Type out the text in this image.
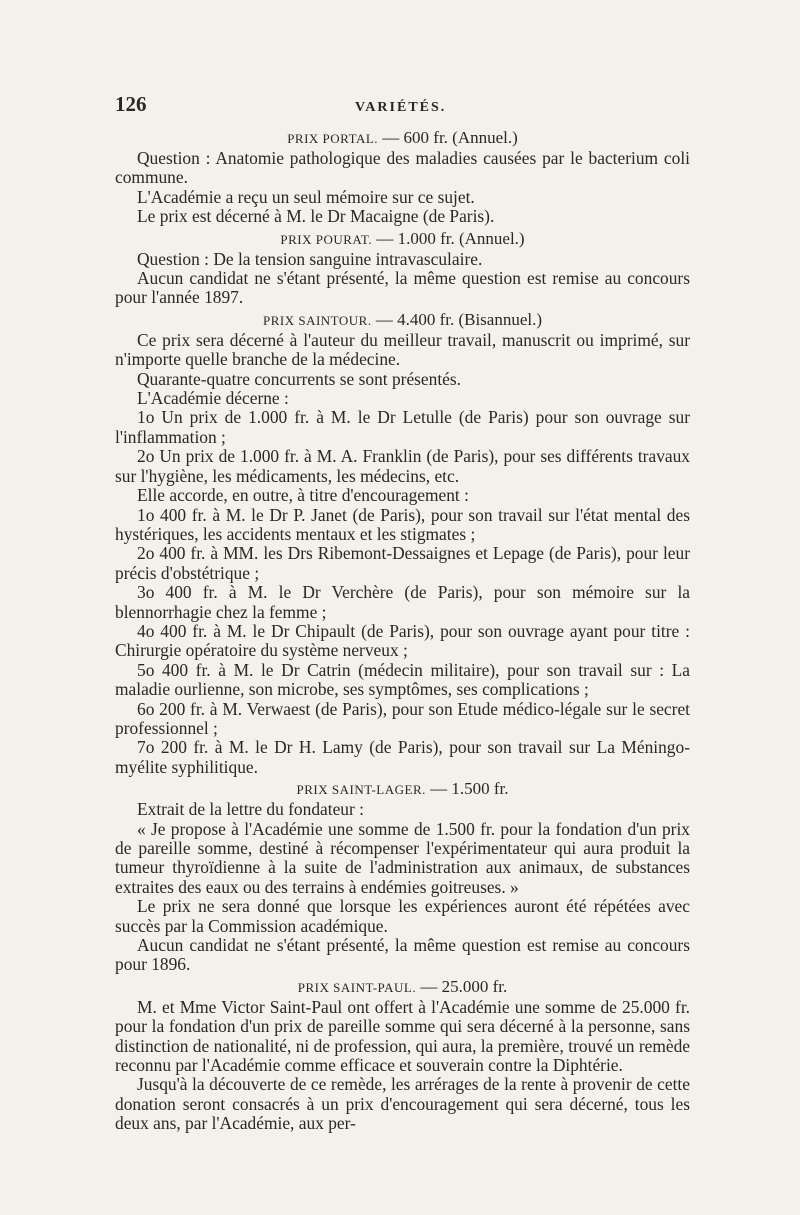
126	VARIÉTÉS.
PRIX PORTAL. — 600 fr. (Annuel.)

Question : Anatomie pathologique des maladies causées par le bacterium coli commune.

L'Académie a reçu un seul mémoire sur ce sujet.

Le prix est décerné à M. le Dr Macaigne (de Paris).

PRIX POURAT. — 1.000 fr. (Annuel.)

Question : De la tension sanguine intravasculaire.

Aucun candidat ne s'étant présenté, la même question est remise au concours pour l'année 1897.

PRIX SAINTOUR. — 4.400 fr. (Bisannuel.)

Ce prix sera décerné à l'auteur du meilleur travail, manuscrit ou imprimé, sur n'importe quelle branche de la médecine.

Quarante-quatre concurrents se sont présentés.

L'Académie décerne :

1o Un prix de 1.000 fr. à M. le Dr Letulle (de Paris) pour son ouvrage sur l'inflammation ;

2o Un prix de 1.000 fr. à M. A. Franklin (de Paris), pour ses différents travaux sur l'hygiène, les médicaments, les médecins, etc.

Elle accorde, en outre, à titre d'encouragement :

1o 400 fr. à M. le Dr P. Janet (de Paris), pour son travail sur l'état mental des hystériques, les accidents mentaux et les stigmates ;

2o 400 fr. à MM. les Drs Ribemont-Dessaignes et Lepage (de Paris), pour leur précis d'obstétrique ;

3o 400 fr. à M. le Dr Verchère (de Paris), pour son mémoire sur la blennorrhagie chez la femme ;

4o 400 fr. à M. le Dr Chipault (de Paris), pour son ouvrage ayant pour titre : Chirurgie opératoire du système nerveux ;

5o 400 fr. à M. le Dr Catrin (médecin militaire), pour son travail sur : La maladie ourlienne, son microbe, ses symptômes, ses complications ;

6o 200 fr. à M. Verwaest (de Paris), pour son Etude médico-légale sur le secret professionnel ;

7o 200 fr. à M. le Dr H. Lamy (de Paris), pour son travail sur La Méningo-myélite syphilitique.

PRIX SAINT-LAGER. — 1.500 fr.

Extrait de la lettre du fondateur :

« Je propose à l'Académie une somme de 1.500 fr. pour la fondation d'un prix de pareille somme, destiné à récompenser l'expérimentateur qui aura produit la tumeur thyroïdienne à la suite de l'administration aux animaux, de substances extraites des eaux ou des terrains à endémies goitreuses. »

Le prix ne sera donné que lorsque les expériences auront été répétées avec succès par la Commission académique.

Aucun candidat ne s'étant présenté, la même question est remise au concours pour 1896.

PRIX SAINT-PAUL. — 25.000 fr.

M. et Mme Victor Saint-Paul ont offert à l'Académie une somme de 25.000 fr. pour la fondation d'un prix de pareille somme qui sera décerné à la personne, sans distinction de nationalité, ni de profession, qui aura, la première, trouvé un remède reconnu par l'Académie comme efficace et souverain contre la Diphtérie.

Jusqu'à la découverte de ce remède, les arrérages de la rente à provenir de cette donation seront consacrés à un prix d'encouragement qui sera décerné, tous les deux ans, par l'Académie, aux per-
